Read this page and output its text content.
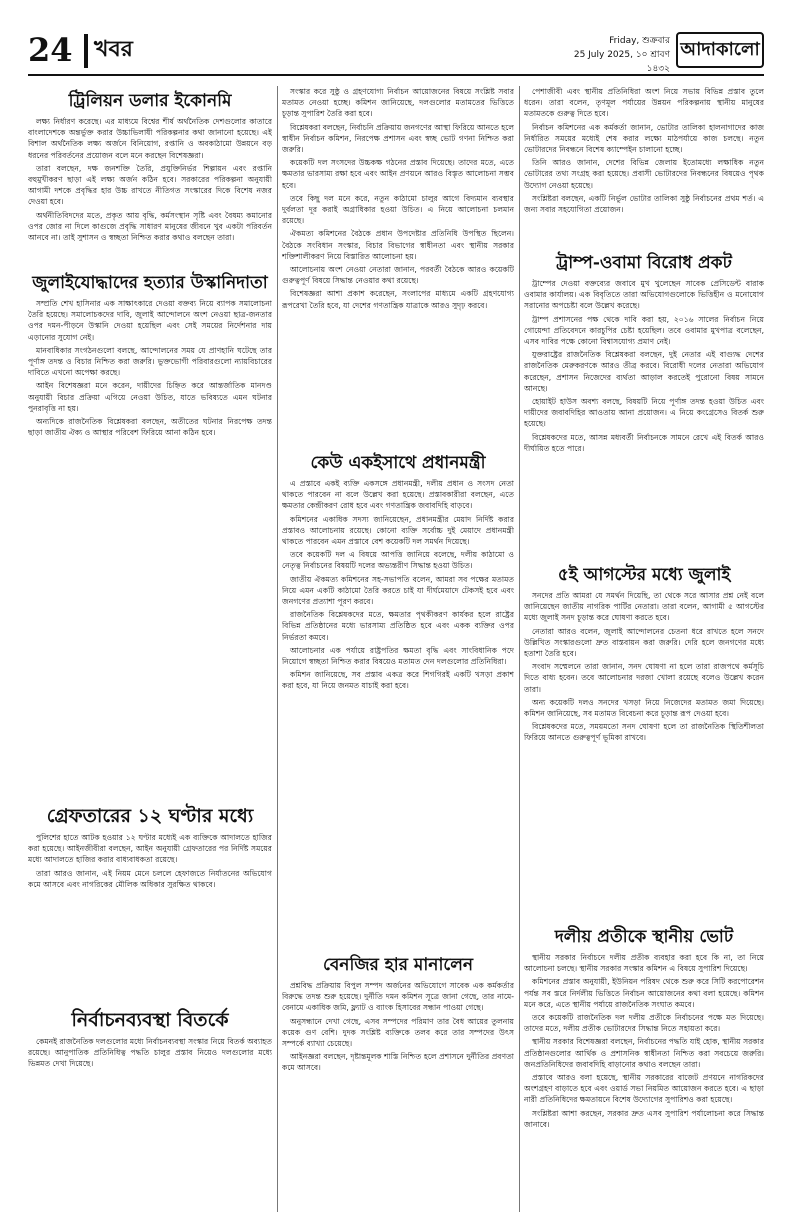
24 খবর	Friday, শুক্রবার
25 July 2025, ১০ শ্রাবণ ১৪৩২
আদাকালো
ট্রিলিয়ন ডলার ইকোনমি

লক্ষ্য নির্ধারণ করেছে। এর মাধ্যমে বিশ্বের শীর্ষ অর্থনৈতিক দেশগুলোর কাতারে বাংলাদেশকে অন্তর্ভুক্ত করার উচ্চাভিলাষী পরিকল্পনার কথা জানানো হয়েছে। এই বিশাল অর্থনৈতিক লক্ষ্য অর্জনে বিনিয়োগ, রপ্তানি ও অবকাঠামো উন্নয়নে বড় ধরনের পরিবর্তনের প্রয়োজন বলে মনে করছেন বিশেষজ্ঞরা।

তারা বলছেন, দক্ষ জনশক্তি তৈরি, প্রযুক্তিনির্ভর শিল্পায়ন এবং রপ্তানি বহুমুখীকরণ ছাড়া এই লক্ষ্য অর্জন কঠিন হবে। সরকারের পরিকল্পনা অনুযায়ী আগামী দশকে প্রবৃদ্ধির হার উচ্চ রাখতে নীতিগত সংস্কারের দিকে বিশেষ নজর দেওয়া হবে।

অর্থনীতিবিদদের মতে, প্রকৃত আয় বৃদ্ধি, কর্মসংস্থান সৃষ্টি এবং বৈষম্য কমানোর ওপর জোর না দিলে কাগুজে প্রবৃদ্ধি সাধারণ মানুষের জীবনে খুব একটা পরিবর্তন আনবে না। তাই সুশাসন ও স্বচ্ছতা নিশ্চিত করার কথাও বলছেন তারা।

জুলাইযোদ্ধাদের হত্যার উস্কানিদাতা

সম্প্রতি শেখ হাসিনার এক সাক্ষাৎকারে দেওয়া বক্তব্য নিয়ে ব্যাপক সমালোচনা তৈরি হয়েছে। সমালোচকদের দাবি, জুলাই আন্দোলনে অংশ নেওয়া ছাত্র-জনতার ওপর দমন-পীড়নে উস্কানি দেওয়া হয়েছিল এবং সেই সময়ের নির্দেশনার দায় এড়ানোর সুযোগ নেই।

মানবাধিকার সংগঠনগুলো বলছে, আন্দোলনের সময় যে প্রাণহানি ঘটেছে তার পূর্ণাঙ্গ তদন্ত ও বিচার নিশ্চিত করা জরুরি। ভুক্তভোগী পরিবারগুলো ন্যায়বিচারের দাবিতে এখনো অপেক্ষা করছে।

আইন বিশেষজ্ঞরা মনে করেন, দায়ীদের চিহ্নিত করে আন্তর্জাতিক মানদণ্ড অনুযায়ী বিচার প্রক্রিয়া এগিয়ে নেওয়া উচিত, যাতে ভবিষ্যতে এমন ঘটনার পুনরাবৃত্তি না হয়।

অন্যদিকে রাজনৈতিক বিশ্লেষকরা বলছেন, অতীতের ঘটনার নিরপেক্ষ তদন্ত ছাড়া জাতীয় ঐক্য ও আস্থার পরিবেশ ফিরিয়ে আনা কঠিন হবে।

গ্রেফতারের ১২ ঘণ্টার মধ্যে

পুলিশের হাতে আটক হওয়ার ১২ ঘণ্টার মধ্যেই এক ব্যক্তিকে আদালতে হাজির করা হয়েছে। আইনজীবীরা বলছেন, আইন অনুযায়ী গ্রেফতারের পর নির্দিষ্ট সময়ের মধ্যে আদালতে হাজির করার বাধ্যবাধকতা রয়েছে।

তারা আরও জানান, এই নিয়ম মেনে চললে হেফাজতে নির্যাতনের অভিযোগ কমে আসবে এবং নাগরিকের মৌলিক অধিকার সুরক্ষিত থাকবে।

নির্বাচনব্যবস্থা বিতর্কে

কেমনই রাজনৈতিক দলগুলোর মধ্যে নির্বাচনব্যবস্থা সংস্কার নিয়ে বিতর্ক অব্যাহত রয়েছে। আনুপাতিক প্রতিনিধিত্ব পদ্ধতি চালুর প্রস্তাব নিয়েও দলগুলোর মধ্যে ভিন্নমত দেখা দিয়েছে।

সংস্কার করে সুষ্ঠু ও গ্রহণযোগ্য নির্বাচন আয়োজনের বিষয়ে সংশ্লিষ্ট সবার মতামত নেওয়া হচ্ছে। কমিশন জানিয়েছে, দলগুলোর মতামতের ভিত্তিতে চূড়ান্ত সুপারিশ তৈরি করা হবে।

বিশ্লেষকরা বলছেন, নির্বাচনি প্রক্রিয়ায় জনগণের আস্থা ফিরিয়ে আনতে হলে স্বাধীন নির্বাচন কমিশন, নিরপেক্ষ প্রশাসন এবং স্বচ্ছ ভোট গণনা নিশ্চিত করা জরুরি।

কয়েকটি দল সংসদের উচ্চকক্ষ গঠনের প্রস্তাব দিয়েছে। তাদের মতে, এতে ক্ষমতার ভারসাম্য রক্ষা হবে এবং আইন প্রণয়নে আরও বিস্তৃত আলোচনা সম্ভব হবে।

তবে কিছু দল মনে করে, নতুন কাঠামো চালুর আগে বিদ্যমান ব্যবস্থার দুর্বলতা দূর করাই অগ্রাধিকার হওয়া উচিত। এ নিয়ে আলোচনা চলমান রয়েছে।

ঐকমত্য কমিশনের বৈঠকে প্রধান উপদেষ্টার প্রতিনিধি উপস্থিত ছিলেন। বৈঠকে সংবিধান সংস্কার, বিচার বিভাগের স্বাধীনতা এবং স্থানীয় সরকার শক্তিশালীকরণ নিয়ে বিস্তারিত আলোচনা হয়।

আলোচনায় অংশ নেওয়া নেতারা জানান, পরবর্তী বৈঠকে আরও কয়েকটি গুরুত্বপূর্ণ বিষয়ে সিদ্ধান্ত নেওয়ার কথা রয়েছে।

বিশেষজ্ঞরা আশা প্রকাশ করেছেন, সংলাপের মাধ্যমে একটি গ্রহণযোগ্য রূপরেখা তৈরি হবে, যা দেশের গণতান্ত্রিক যাত্রাকে আরও সুদৃঢ় করবে।

কেউ একইসাথে প্রধানমন্ত্রী

এ প্রস্তাবে একই ব্যক্তি একসঙ্গে প্রধানমন্ত্রী, দলীয় প্রধান ও সংসদ নেতা থাকতে পারবেন না বলে উল্লেখ করা হয়েছে। প্রস্তাবকারীরা বলছেন, এতে ক্ষমতার কেন্দ্রীকরণ রোধ হবে এবং গণতান্ত্রিক জবাবদিহি বাড়বে।

কমিশনের একাধিক সদস্য জানিয়েছেন, প্রধানমন্ত্রীর মেয়াদ নির্দিষ্ট করার প্রস্তাবও আলোচনায় রয়েছে। কোনো ব্যক্তি সর্বোচ্চ দুই মেয়াদে প্রধানমন্ত্রী থাকতে পারবেন এমন প্রস্তাবে বেশ কয়েকটি দল সমর্থন দিয়েছে।

তবে কয়েকটি দল এ বিষয়ে আপত্তি জানিয়ে বলেছে, দলীয় কাঠামো ও নেতৃত্ব নির্বাচনের বিষয়টি দলের অভ্যন্তরীণ সিদ্ধান্ত হওয়া উচিত।

জাতীয় ঐকমত্য কমিশনের সহ-সভাপতি বলেন, আমরা সব পক্ষের মতামত নিয়ে এমন একটি কাঠামো তৈরি করতে চাই যা দীর্ঘমেয়াদে টেকসই হবে এবং জনগণের প্রত্যাশা পূরণ করবে।

রাজনৈতিক বিশ্লেষকদের মতে, ক্ষমতার পৃথকীকরণ কার্যকর হলে রাষ্ট্রের বিভিন্ন প্রতিষ্ঠানের মধ্যে ভারসাম্য প্রতিষ্ঠিত হবে এবং একক ব্যক্তির ওপর নির্ভরতা কমবে।

আলোচনার এক পর্যায়ে রাষ্ট্রপতির ক্ষমতা বৃদ্ধি এবং সাংবিধানিক পদে নিয়োগে স্বচ্ছতা নিশ্চিত করার বিষয়েও মতামত দেন দলগুলোর প্রতিনিধিরা।

কমিশন জানিয়েছে, সব প্রস্তাব একত্র করে শিগগিরই একটি খসড়া প্রকাশ করা হবে, যা নিয়ে জনমত যাচাই করা হবে।

বেনজির হার মানালেন

প্রশ্নবিদ্ধ প্রক্রিয়ায় বিপুল সম্পদ অর্জনের অভিযোগে সাবেক এক কর্মকর্তার বিরুদ্ধে তদন্ত শুরু হয়েছে। দুর্নীতি দমন কমিশন সূত্রে জানা গেছে, তার নামে-বেনামে একাধিক জমি, ফ্ল্যাট ও ব্যাংক হিসাবের সন্ধান পাওয়া গেছে।

অনুসন্ধানে দেখা গেছে, এসব সম্পদের পরিমাণ তার বৈধ আয়ের তুলনায় কয়েক গুণ বেশি। দুদক সংশ্লিষ্ট ব্যক্তিকে তলব করে তার সম্পদের উৎস সম্পর্কে ব্যাখ্যা চেয়েছে।

আইনজ্ঞরা বলছেন, দৃষ্টান্তমূলক শাস্তি নিশ্চিত হলে প্রশাসনে দুর্নীতির প্রবণতা কমে আসবে।

পেশাজীবী এবং স্থানীয় প্রতিনিধিরা অংশ নিয়ে সভায় বিভিন্ন প্রস্তাব তুলে ধরেন। তারা বলেন, তৃণমূল পর্যায়ের উন্নয়ন পরিকল্পনায় স্থানীয় মানুষের মতামতকে গুরুত্ব দিতে হবে।

নির্বাচন কমিশনের এক কর্মকর্তা জানান, ভোটার তালিকা হালনাগাদের কাজ নির্ধারিত সময়ের মধ্যেই শেষ করার লক্ষ্যে মাঠপর্যায়ে কাজ চলছে। নতুন ভোটারদের নিবন্ধনে বিশেষ ক্যাম্পেইন চালানো হচ্ছে।

তিনি আরও জানান, দেশের বিভিন্ন জেলায় ইতোমধ্যে লক্ষাধিক নতুন ভোটারের তথ্য সংগ্রহ করা হয়েছে। প্রবাসী ভোটারদের নিবন্ধনের বিষয়েও পৃথক উদ্যোগ নেওয়া হয়েছে।

সংশ্লিষ্টরা বলছেন, একটি নির্ভুল ভোটার তালিকা সুষ্ঠু নির্বাচনের প্রথম শর্ত। এ জন্য সবার সহযোগিতা প্রয়োজন।

ট্রাম্প-ওবামা বিরোধ প্রকট

ট্রাম্পের দেওয়া বক্তব্যের জবাবে মুখ খুলেছেন সাবেক প্রেসিডেন্ট বারাক ওবামার কার্যালয়। এক বিবৃতিতে তারা অভিযোগগুলোকে ভিত্তিহীন ও মনোযোগ সরানোর অপচেষ্টা বলে উল্লেখ করেছে।

ট্রাম্প প্রশাসনের পক্ষ থেকে দাবি করা হয়, ২০১৬ সালের নির্বাচন নিয়ে গোয়েন্দা প্রতিবেদনে কারচুপির চেষ্টা হয়েছিল। তবে ওবামার মুখপাত্র বলেছেন, এসব দাবির পক্ষে কোনো বিশ্বাসযোগ্য প্রমাণ নেই।

যুক্তরাষ্ট্রের রাজনৈতিক বিশ্লেষকরা বলছেন, দুই নেতার এই বাগ্যুদ্ধ দেশের রাজনৈতিক মেরুকরণকে আরও তীব্র করবে। বিরোধী দলের নেতারা অভিযোগ করেছেন, প্রশাসন নিজেদের ব্যর্থতা আড়াল করতেই পুরোনো বিষয় সামনে আনছে।

হোয়াইট হাউস অবশ্য বলছে, বিষয়টি নিয়ে পূর্ণাঙ্গ তদন্ত হওয়া উচিত এবং দায়ীদের জবাবদিহির আওতায় আনা প্রয়োজন। এ নিয়ে কংগ্রেসেও বিতর্ক শুরু হয়েছে।

বিশ্লেষকদের মতে, আসন্ন মধ্যবর্তী নির্বাচনকে সামনে রেখে এই বিতর্ক আরও দীর্ঘায়িত হতে পারে।

৫ই আগস্টের মধ্যে জুলাই

সনদের প্রতি আমরা যে সমর্থন দিয়েছি, তা থেকে সরে আসার প্রশ্ন নেই বলে জানিয়েছেন জাতীয় নাগরিক পার্টির নেতারা। তারা বলেন, আগামী ৫ আগস্টের মধ্যে জুলাই সনদ চূড়ান্ত করে ঘোষণা করতে হবে।

নেতারা আরও বলেন, জুলাই আন্দোলনের চেতনা ধরে রাখতে হলে সনদে উল্লিখিত সংস্কারগুলো দ্রুত বাস্তবায়ন করা জরুরি। দেরি হলে জনগণের মধ্যে হতাশা তৈরি হবে।

সংবাদ সম্মেলনে তারা জানান, সনদ ঘোষণা না হলে তারা রাজপথে কর্মসূচি দিতে বাধ্য হবেন। তবে আলোচনার দরজা খোলা রয়েছে বলেও উল্লেখ করেন তারা।

অন্য কয়েকটি দলও সনদের খসড়া নিয়ে নিজেদের মতামত জমা দিয়েছে। কমিশন জানিয়েছে, সব মতামত বিবেচনা করে চূড়ান্ত রূপ দেওয়া হবে।

বিশ্লেষকদের মতে, সময়মতো সনদ ঘোষণা হলে তা রাজনৈতিক স্থিতিশীলতা ফিরিয়ে আনতে গুরুত্বপূর্ণ ভূমিকা রাখবে।

দলীয় প্রতীকে স্থানীয় ভোট

স্থানীয় সরকার নির্বাচনে দলীয় প্রতীক ব্যবহার করা হবে কি না, তা নিয়ে আলোচনা চলছে। স্থানীয় সরকার সংস্কার কমিশন এ বিষয়ে সুপারিশ দিয়েছে।

কমিশনের প্রস্তাব অনুযায়ী, ইউনিয়ন পরিষদ থেকে শুরু করে সিটি করপোরেশন পর্যন্ত সব স্তরে নির্দলীয় ভিত্তিতে নির্বাচন আয়োজনের কথা বলা হয়েছে। কমিশন মনে করে, এতে স্থানীয় পর্যায়ে রাজনৈতিক সংঘাত কমবে।

তবে কয়েকটি রাজনৈতিক দল দলীয় প্রতীকে নির্বাচনের পক্ষে মত দিয়েছে। তাদের মতে, দলীয় প্রতীক ভোটারদের সিদ্ধান্ত নিতে সহায়তা করে।

স্থানীয় সরকার বিশেষজ্ঞরা বলছেন, নির্বাচনের পদ্ধতি যাই হোক, স্থানীয় সরকার প্রতিষ্ঠানগুলোর আর্থিক ও প্রশাসনিক স্বাধীনতা নিশ্চিত করা সবচেয়ে জরুরি। জনপ্রতিনিধিদের জবাবদিহি বাড়ানোর কথাও বলছেন তারা।

প্রস্তাবে আরও বলা হয়েছে, স্থানীয় সরকারের বাজেট প্রণয়নে নাগরিকদের অংশগ্রহণ বাড়াতে হবে এবং ওয়ার্ড সভা নিয়মিত আয়োজন করতে হবে। এ ছাড়া নারী প্রতিনিধিদের ক্ষমতায়নে বিশেষ উদ্যোগের সুপারিশও করা হয়েছে।

সংশ্লিষ্টরা আশা করছেন, সরকার দ্রুত এসব সুপারিশ পর্যালোচনা করে সিদ্ধান্ত জানাবে।
